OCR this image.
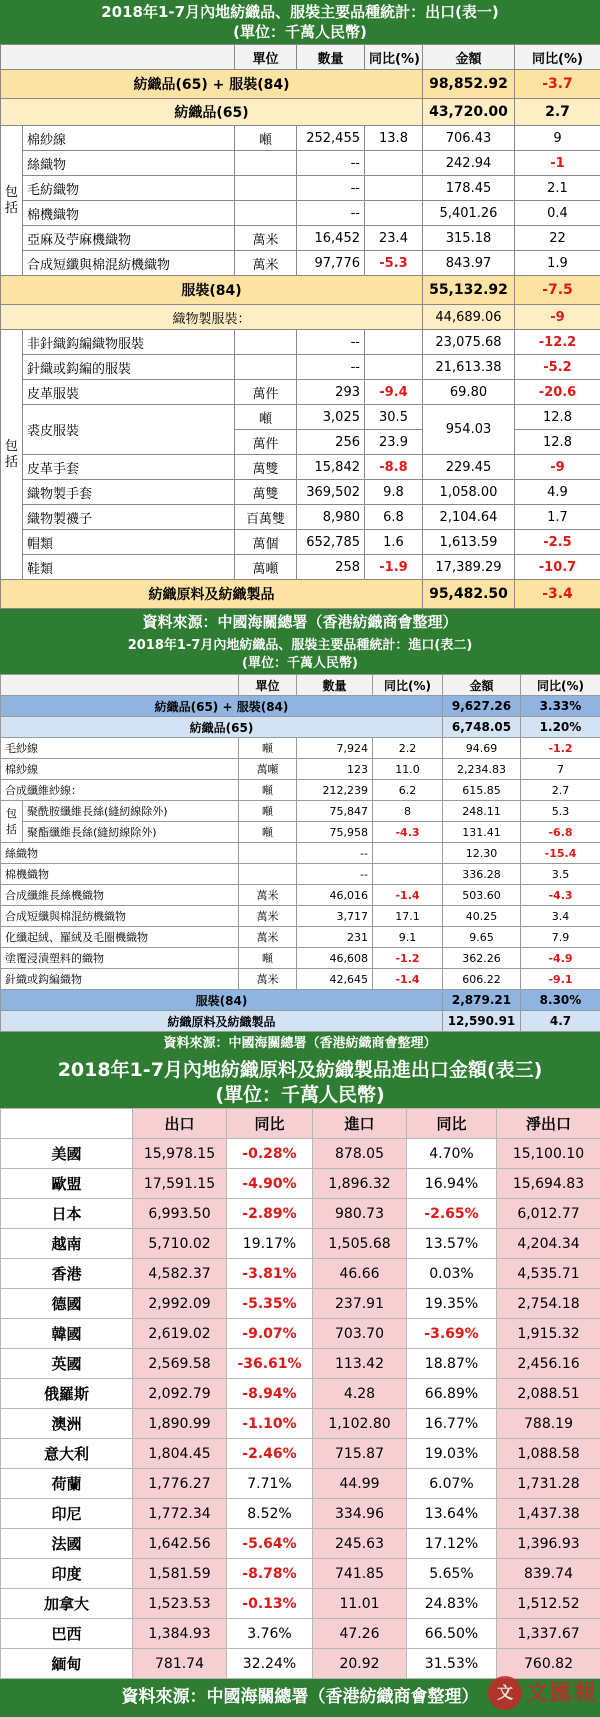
2018年1-7月內地紡織品、服裝主要品種統計：出口(表一)
(單位：千萬人民幣)
		單位	數量	同比(%)	金額	同比(%)
紡織品(65) + 服裝(84)					98,852.92	-3.7
紡織品(65)					43,720.00	2.7
包括	棉紗線	噸	252,455	13.8	706.43	9
	絲織物		--		242.94	-1
	毛紡織物		--		178.45	2.1
	棉機織物		--		5,401.26	0.4
	亞麻及苧麻機織物	萬米	16,452	23.4	315.18	22
	合成短纖與棉混紡機織物	萬米	97,776	-5.3	843.97	1.9
服裝(84)					55,132.92	-7.5
織物製服裝：					44,689.06	-9
包括	非針織鈎編織物服裝		--		23,075.68	-12.2
	針織或鈎編的服裝		--		21,613.38	-5.2
	皮革服裝	萬件	293	-9.4	69.80	-20.6
	裘皮服裝	噸	3,025	30.5	954.03	12.8
		萬件	256	23.9		12.8
	皮革手套	萬雙	15,842	-8.8	229.45	-9
	織物製手套	萬雙	369,502	9.8	1,058.00	4.9
	織物製襪子	百萬雙	8,980	6.8	2,104.64	1.7
	帽類	萬個	652,785	1.6	1,613.59	-2.5
	鞋類	萬噸	258	-1.9	17,389.29	-10.7
紡織原料及紡織製品					95,482.50	-3.4
資料來源：中國海關總署（香港紡織商會整理）
2018年1-7月內地紡織品、服裝主要品種統計：進口(表二)
(單位：千萬人民幣)
		單位	數量	同比(%)	金額	同比(%)
紡織品(65) + 服裝(84)					9,627.26	3.33%
紡織品(65)					6,748.05	1.20%
毛紗線		噸	7,924	2.2	94.69	-1.2
棉紗線		萬噸	123	11.0	2,234.83	7
合成纖維紗線：		噸	212,239	6.2	615.85	2.7
包括	聚酰胺纖維長絲(縫紉線除外)	噸	75,847	8	248.11	5.3
	聚酯纖維長絲(縫紉線除外)	噸	75,958	-4.3	131.41	-6.8
絲織物			--		12.30	-15.4
棉機織物			--		336.28	3.5
合成纖維長絲機織物		萬米	46,016	-1.4	503.60	-4.3
合成短纖與棉混紡機織物		萬米	3,717	17.1	40.25	3.4
化纖起絨、羅絨及毛圈機織物		萬米	231	9.1	9.65	7.9
塗覆浸漬塑料的織物		噸	46,608	-1.2	362.26	-4.9
針織或鈎編織物		萬米	42,645	-1.4	606.22	-9.1
服裝(84)					2,879.21	8.30%
紡織原料及紡織製品					12,590.91	4.7
資料來源：中國海關總署（香港紡織商會整理）
2018年1-7月內地紡織原料及紡織製品進出口金額(表三)
(單位：千萬人民幣)
	出口	同比	進口	同比	淨出口
美國	15,978.15	-0.28%	878.05	4.70%	15,100.10
歐盟	17,591.15	-4.90%	1,896.32	16.94%	15,694.83
日本	6,993.50	-2.89%	980.73	-2.65%	6,012.77
越南	5,710.02	19.17%	1,505.68	13.57%	4,204.34
香港	4,582.37	-3.81%	46.66	0.03%	4,535.71
德國	2,992.09	-5.35%	237.91	19.35%	2,754.18
韓國	2,619.02	-9.07%	703.70	-3.69%	1,915.32
英國	2,569.58	-36.61%	113.42	18.87%	2,456.16
俄羅斯	2,092.79	-8.94%	4.28	66.89%	2,088.51
澳洲	1,890.99	-1.10%	1,102.80	16.77%	788.19
意大利	1,804.45	-2.46%	715.87	19.03%	1,088.58
荷蘭	1,776.27	7.71%	44.99	6.07%	1,731.28
印尼	1,772.34	8.52%	334.96	13.64%	1,437.38
法國	1,642.56	-5.64%	245.63	17.12%	1,396.93
印度	1,581.59	-8.78%	741.85	5.65%	839.74
加拿大	1,523.53	-0.13%	11.01	24.83%	1,512.52
巴西	1,384.93	3.76%	47.26	66.50%	1,337.67
緬甸	781.74	32.24%	20.92	31.53%	760.82
資料來源：中國海關總署（香港紡織商會整理）	文 文匯報
